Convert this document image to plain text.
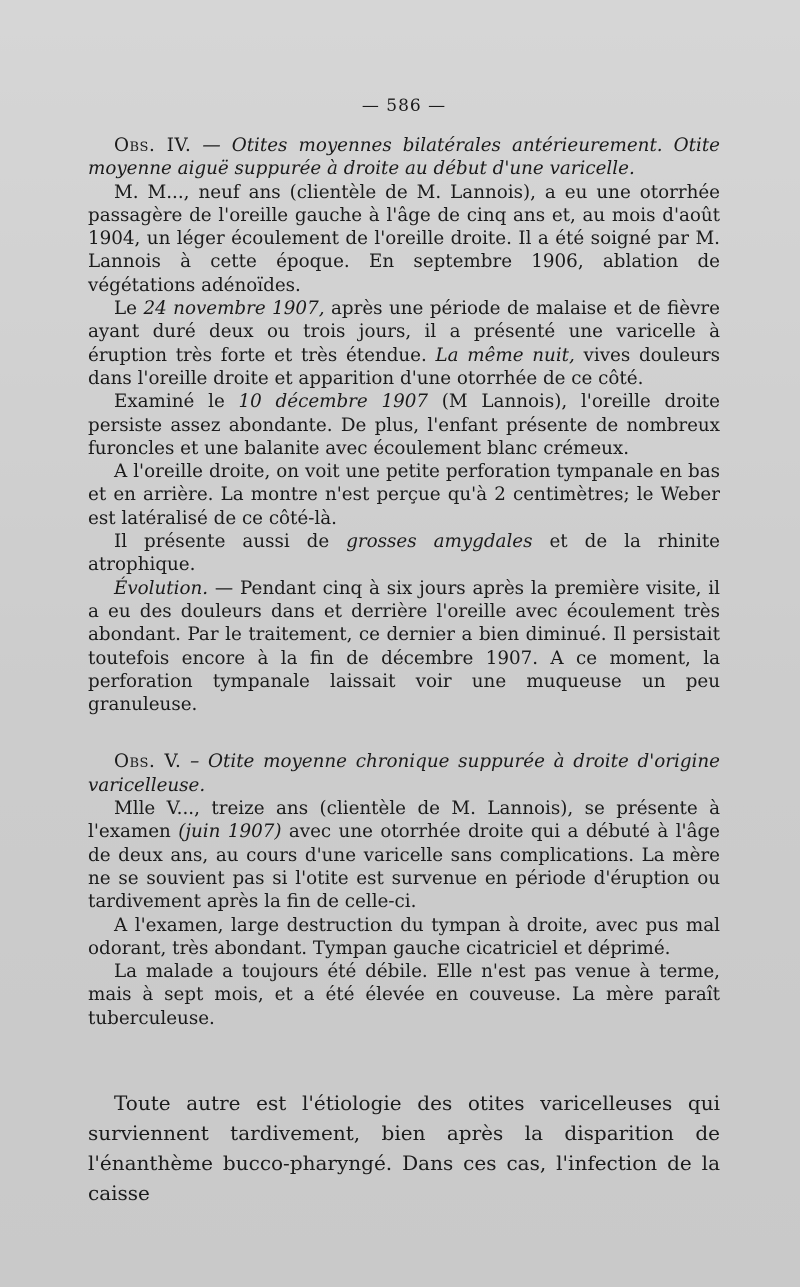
— 586 —

Obs. IV. — Otites moyennes bilatérales antérieurement. Otite moyenne aiguë suppurée à droite au début d'une varicelle.

M. M..., neuf ans (clientèle de M. Lannois), a eu une otorrhée passagère de l'oreille gauche à l'âge de cinq ans et, au mois d'août 1904, un léger écoulement de l'oreille droite. Il a été soigné par M. Lannois à cette époque. En septembre 1906, ablation de végétations adénoïdes.

Le 24 novembre 1907, après une période de malaise et de fièvre ayant duré deux ou trois jours, il a présenté une varicelle à éruption très forte et très étendue. La même nuit, vives douleurs dans l'oreille droite et apparition d'une otorrhée de ce côté.

Examiné le 10 décembre 1907 (M Lannois), l'oreille droite persiste assez abondante. De plus, l'enfant présente de nombreux furoncles et une balanite avec écoulement blanc crémeux.

A l'oreille droite, on voit une petite perforation tympanale en bas et en arrière. La montre n'est perçue qu'à 2 centimètres; le Weber est latéralisé de ce côté-là.

Il présente aussi de grosses amygdales et de la rhinite atrophique.

Évolution. — Pendant cinq à six jours après la première visite, il a eu des douleurs dans et derrière l'oreille avec écoulement très abondant. Par le traitement, ce dernier a bien diminué. Il persistait toutefois encore à la fin de décembre 1907. A ce moment, la perforation tympanale laissait voir une muqueuse un peu granuleuse.

Obs. V. – Otite moyenne chronique suppurée à droite d'origine varicelleuse.

Mlle V..., treize ans (clientèle de M. Lannois), se présente à l'examen (juin 1907) avec une otorrhée droite qui a débuté à l'âge de deux ans, au cours d'une varicelle sans complications. La mère ne se souvient pas si l'otite est survenue en période d'éruption ou tardivement après la fin de celle-ci.

A l'examen, large destruction du tympan à droite, avec pus mal odorant, très abondant. Tympan gauche cicatriciel et déprimé.

La malade a toujours été débile. Elle n'est pas venue à terme, mais à sept mois, et a été élevée en couveuse. La mère paraît tuberculeuse.

Toute autre est l'étiologie des otites varicelleuses qui surviennent tardivement, bien après la disparition de l'énanthème bucco-pharyngé. Dans ces cas, l'infection de la caisse
